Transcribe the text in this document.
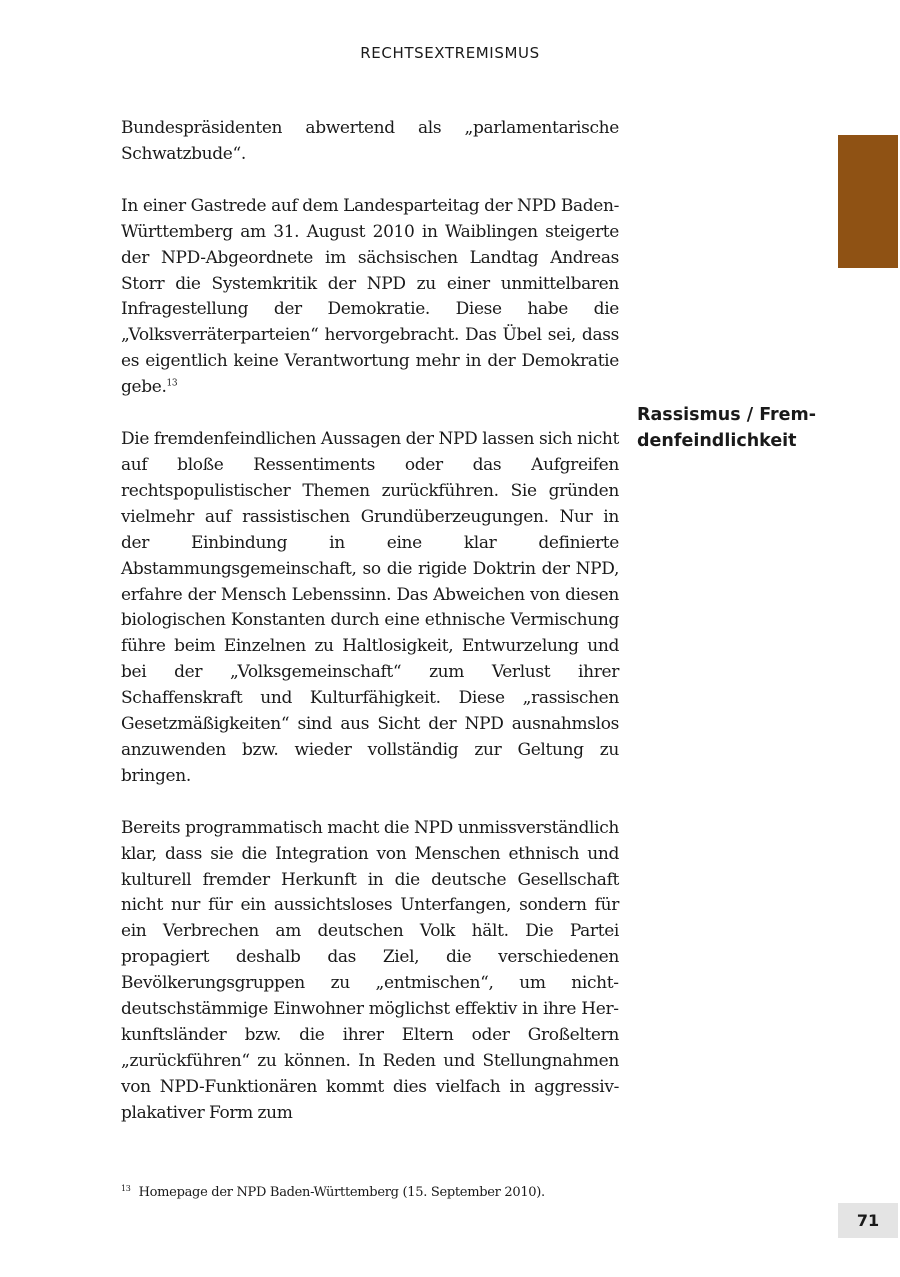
RECHTSEXTREMISMUS

Bundespräsidenten abwertend als „parlamentarische Schwatzbude“.

In einer Gastrede auf dem Landesparteitag der NPD Baden-Württemberg am 31. August 2010 in Waiblingen steigerte der NPD-Abgeordnete im sächsischen Landtag Andreas Storr die Systemkritik der NPD zu einer unmittelbaren Infragestellung der Demokratie. Diese habe die „Volksverräterparteien“ hervorgebracht. Das Übel sei, dass es eigentlich keine Verantwortung mehr in der Demokratie gebe.$^{13}$

Die fremdenfeindlichen Aussagen der NPD lassen sich nicht auf bloße Ressentiments oder das Aufgreifen rechtspopulistischer Themen zurückführen. Sie gründen vielmehr auf rassistischen Grundüberzeugungen. Nur in der Einbindung in eine klar definierte Abstammungsgemeinschaft, so die rigide Doktrin der NPD, erfahre der Mensch Lebenssinn. Das Abweichen von diesen biologischen Konstanten durch eine ethnische Vermischung führe beim Einzelnen zu Haltlosigkeit, Entwurzelung und bei der „Volksgemeinschaft“ zum Verlust ihrer Schaffenskraft und Kulturfähigkeit. Diese „rassischen Gesetzmäßigkeiten“ sind aus Sicht der NPD ausnahmslos anzuwenden bzw. wieder vollständig zur Geltung zu bringen.

Bereits programmatisch macht die NPD unmissverständlich klar, dass sie die Integration von Menschen ethnisch und kulturell fremder Herkunft in die deutsche Gesellschaft nicht nur für ein aussichtsloses Unterfangen, sondern für ein Verbrechen am deutschen Volk hält. Die Partei propagiert deshalb das Ziel, die verschiedenen Bevölkerungsgruppen zu „entmischen“, um nichtdeutschstämmige Einwohner möglichst effektiv in ihre Herkunftsländer bzw. die ihrer Eltern oder Großeltern „zurückführen“ zu können. In Reden und Stellungnahmen von NPD-Funktionären kommt dies vielfach in aggressiv-plakativer Form zum

Rassismus / Fremdenfeindlichkeit
$^{13}$ Homepage der NPD Baden-Württemberg (15. September 2010).
71
